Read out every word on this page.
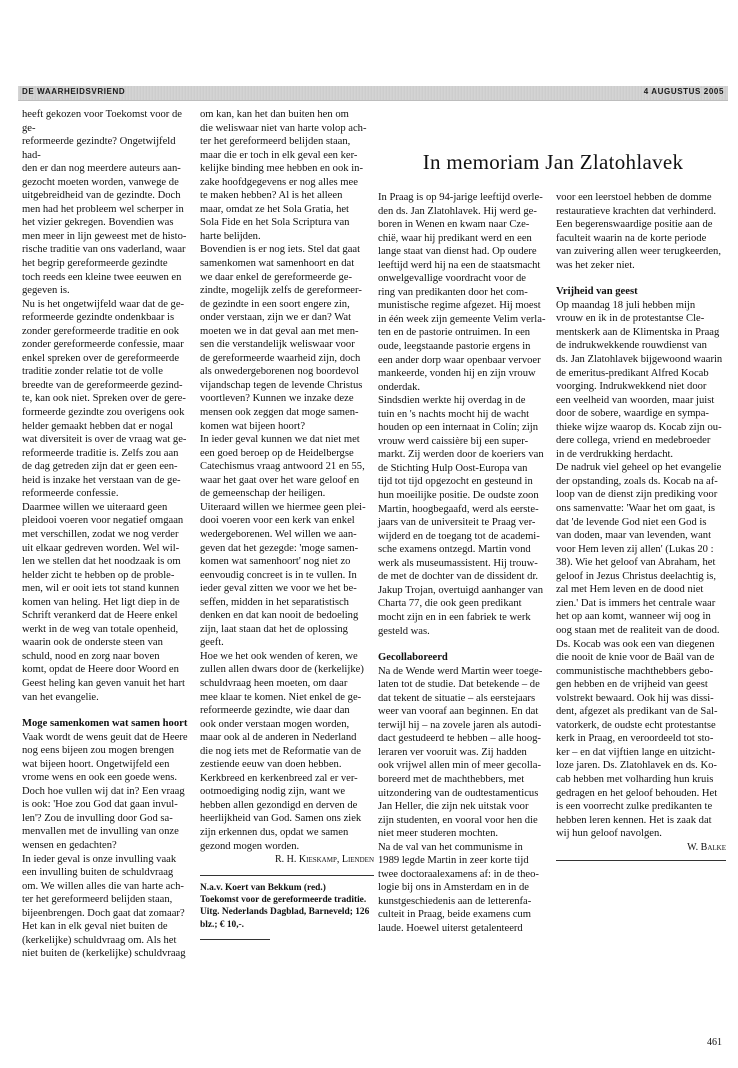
DE WAARHEIDSVRIEND	4 AUGUSTUS 2005

heeft gekozen voor Toekomst voor de ge-
reformeerde gezindte? Ongetwijfeld had-
den er dan nog meerdere auteurs aan-
gezocht moeten worden, vanwege de
uitgebreidheid van de gezindte. Doch
men had het probleem wel scherper in
het vizier gekregen. Bovendien was
men meer in lijn geweest met de histo-
rische traditie van ons vaderland, waar
het begrip gereformeerde gezindte
toch reeds een kleine twee eeuwen en
gegeven is.

Nu is het ongetwijfeld waar dat de ge-
reformeerde gezindte ondenkbaar is
zonder gereformeerde traditie en ook
zonder gereformeerde confessie, maar
enkel spreken over de gereformeerde
traditie zonder relatie tot de volle
breedte van de gereformeerde gezind-
te, kan ook niet. Spreken over de gere-
formeerde gezindte zou overigens ook
helder gemaakt hebben dat er nogal
wat diversiteit is over de vraag wat ge-
reformeerde traditie is. Zelfs zou aan
de dag getreden zijn dat er geen een-
heid is inzake het verstaan van de ge-
reformeerde confessie.

Daarmee willen we uiteraard geen
pleidooi voeren voor negatief omgaan
met verschillen, zodat we nog verder
uit elkaar gedreven worden. Wel wil-
len we stellen dat het noodzaak is om
helder zicht te hebben op de proble-
men, wil er ooit iets tot stand kunnen
komen van heling. Het ligt diep in de
Schrift verankerd dat de Heere enkel
werkt in de weg van totale openheid,
waarin ook de onderste steen van
schuld, nood en zorg naar boven
komt, opdat de Heere door Woord en
Geest heling kan geven vanuit het hart
van het evangelie.

Moge samenkomen wat samen hoort

Vaak wordt de wens geuit dat de Heere
nog eens bijeen zou mogen brengen
wat bijeen hoort. Ongetwijfeld een
vrome wens en ook een goede wens.
Doch hoe vullen wij dat in? Een vraag
is ook: 'Hoe zou God dat gaan invul-
len'? Zou de invulling door God sa-
menvallen met de invulling van onze
wensen en gedachten?

In ieder geval is onze invulling vaak
een invulling buiten de schuldvraag
om. We willen alles die van harte ach-
ter het gereformeerd belijden staan,
bijeenbrengen. Doch gaat dat zomaar?
Het kan in elk geval niet buiten de
(kerkelijke) schuldvraag om. Als het
niet buiten de (kerkelijke) schuldvraag

om kan, kan het dan buiten hen om
die weliswaar niet van harte volop ach-
ter het gereformeerd belijden staan,
maar die er toch in elk geval een ker-
kelijke binding mee hebben en ook in-
zake hoofdgegevens er nog alles mee
te maken hebben? Al is het alleen
maar, omdat ze het Sola Gratia, het
Sola Fide en het Sola Scriptura van
harte belijden.

Bovendien is er nog iets. Stel dat gaat
samenkomen wat samenhoort en dat
we daar enkel de gereformeerde ge-
zindte, mogelijk zelfs de gereformeer-
de gezindte in een soort engere zin,
onder verstaan, zijn we er dan? Wat
moeten we in dat geval aan met men-
sen die verstandelijk weliswaar voor
de gereformeerde waarheid zijn, doch
als onwedergeborenen nog boordevol
vijandschap tegen de levende Christus
voortleven? Kunnen we inzake deze
mensen ook zeggen dat moge samen-
komen wat bijeen hoort?

In ieder geval kunnen we dat niet met
een goed beroep op de Heidelbergse
Catechismus vraag antwoord 21 en 55,
waar het gaat over het ware geloof en
de gemeenschap der heiligen.

Uiteraard willen we hiermee geen plei-
dooi voeren voor een kerk van enkel
wedergeborenen. Wel willen we aan-
geven dat het gezegde: 'moge samen-
komen wat samenhoort' nog niet zo
eenvoudig concreet is in te vullen. In
ieder geval zitten we voor we het be-
seffen, midden in het separatistisch
denken en dat kan nooit de bedoeling
zijn, laat staan dat het de oplossing
geeft.

Hoe we het ook wenden of keren, we
zullen allen dwars door de (kerkelijke)
schuldvraag heen moeten, om daar
mee klaar te komen. Niet enkel de ge-
reformeerde gezindte, wie daar dan
ook onder verstaan mogen worden,
maar ook al de anderen in Nederland
die nog iets met de Reformatie van de
zestiende eeuw van doen hebben.
Kerkbreed en kerkenbreed zal er ver-
ootmoediging nodig zijn, want we
hebben allen gezondigd en derven de
heerlijkheid van God. Samen ons ziek
zijn erkennen dus, opdat we samen
gezond mogen worden.

R. H. Kieskamp, Lienden

N.a.v. Koert van Bekkum (red.)
Toekomst voor de gereformeerde traditie.
Uitg. Nederlands Dagblad, Barneveld; 126
blz.; € 10,-.

In memoriam Jan Zlatohlavek

In Praag is op 94-jarige leeftijd overle-
den ds. Jan Zlatohlavek. Hij werd ge-
boren in Wenen en kwam naar Cze-
chië, waar hij predikant werd en een
lange staat van dienst had. Op oudere
leeftijd werd hij na een de staatsmacht
onwelgevallige voordracht voor de
ring van predikanten door het com-
munistische regime afgezet. Hij moest
in één week zijn gemeente Velim verla-
ten en de pastorie ontruimen. In een
oude, leegstaande pastorie ergens in
een ander dorp waar openbaar vervoer
mankeerde, vonden hij en zijn vrouw
onderdak.

Sindsdien werkte hij overdag in de
tuin en 's nachts mocht hij de wacht
houden op een internaat in Colín; zijn
vrouw werd caissière bij een super-
markt. Zij werden door de koeriers van
de Stichting Hulp Oost-Europa van
tijd tot tijd opgezocht en gesteund in
hun moeilijke positie. De oudste zoon
Martin, hoogbegaafd, werd als eerste-
jaars van de universiteit te Praag ver-
wijderd en de toegang tot de academi-
sche examens ontzegd. Martin vond
werk als museumassistent. Hij trouw-
de met de dochter van de dissident dr.
Jakup Trojan, overtuigd aanhanger van
Charta 77, die ook geen predikant
mocht zijn en in een fabriek te werk
gesteld was.

Gecollaboreerd

Na de Wende werd Martin weer toege-
laten tot de studie. Dat betekende – de
dat tekent de situatie – als eerstejaars
weer van vooraf aan beginnen. En dat
terwijl hij – na zovele jaren als autodi-
dact gestudeerd te hebben – alle hoog-
leraren ver vooruit was. Zij hadden
ook vrijwel allen min of meer gecolla-
boreerd met de machthebbers, met
uitzondering van de oudtestamenticus
Jan Heller, die zijn nek uitstak voor
zijn studenten, en vooral voor hen die
niet meer studeren mochten.

Na de val van het communisme in
1989 legde Martin in zeer korte tijd
twee doctoraalexamens af: in de theo-
logie bij ons in Amsterdam en in de
kunstgeschiedenis aan de letterenfa-
culteit in Praag, beide examens cum
laude. Hoewel uiterst getalenteerd

voor een leerstoel hebben de domme
restauratieve krachten dat verhinderd.
Een begerenswaardige positie aan de
faculteit waarin na de korte periode
van zuivering allen weer terugkeerden,
was het zeker niet.

Vrijheid van geest

Op maandag 18 juli hebben mijn
vrouw en ik in de protestantse Cle-
mentskerk aan de Klimentska in Praag
de indrukwekkende rouwdienst van
ds. Jan Zlatohlavek bijgewoond waarin
de emeritus-predikant Alfred Kocab
voorging. Indrukwekkend niet door
een veelheid van woorden, maar juist
door de sobere, waardige en sympa-
thieke wijze waarop ds. Kocab zijn ou-
dere collega, vriend en medebroeder
in de verdrukking herdacht.

De nadruk viel geheel op het evangelie
der opstanding, zoals ds. Kocab na af-
loop van de dienst zijn prediking voor
ons samenvatte: 'Waar het om gaat, is
dat 'de levende God niet een God is
van doden, maar van levenden, want
voor Hem leven zij allen' (Lukas 20 :
38). Wie het geloof van Abraham, het
geloof in Jezus Christus deelachtig is,
zal met Hem leven en de dood niet
zien.' Dat is immers het centrale waar
het op aan komt, wanneer wij oog in
oog staan met de realiteit van de dood.
Ds. Kocab was ook een van diegenen
die nooit de knie voor de Baäl van de
communistische machthebbers gebo-
gen hebben en de vrijheid van geest
volstrekt bewaard. Ook hij was dissi-
dent, afgezet als predikant van de Sal-
vatorkerk, de oudste echt protestantse
kerk in Praag, en veroordeeld tot sto-
ker – en dat vijftien lange en uitzicht-
loze jaren. Ds. Zlatohlavek en ds. Ko-
cab hebben met volharding hun kruis
gedragen en het geloof behouden. Het
is een voorrecht zulke predikanten te
hebben leren kennen. Het is zaak dat
wij hun geloof navolgen.

W. Balke

461
